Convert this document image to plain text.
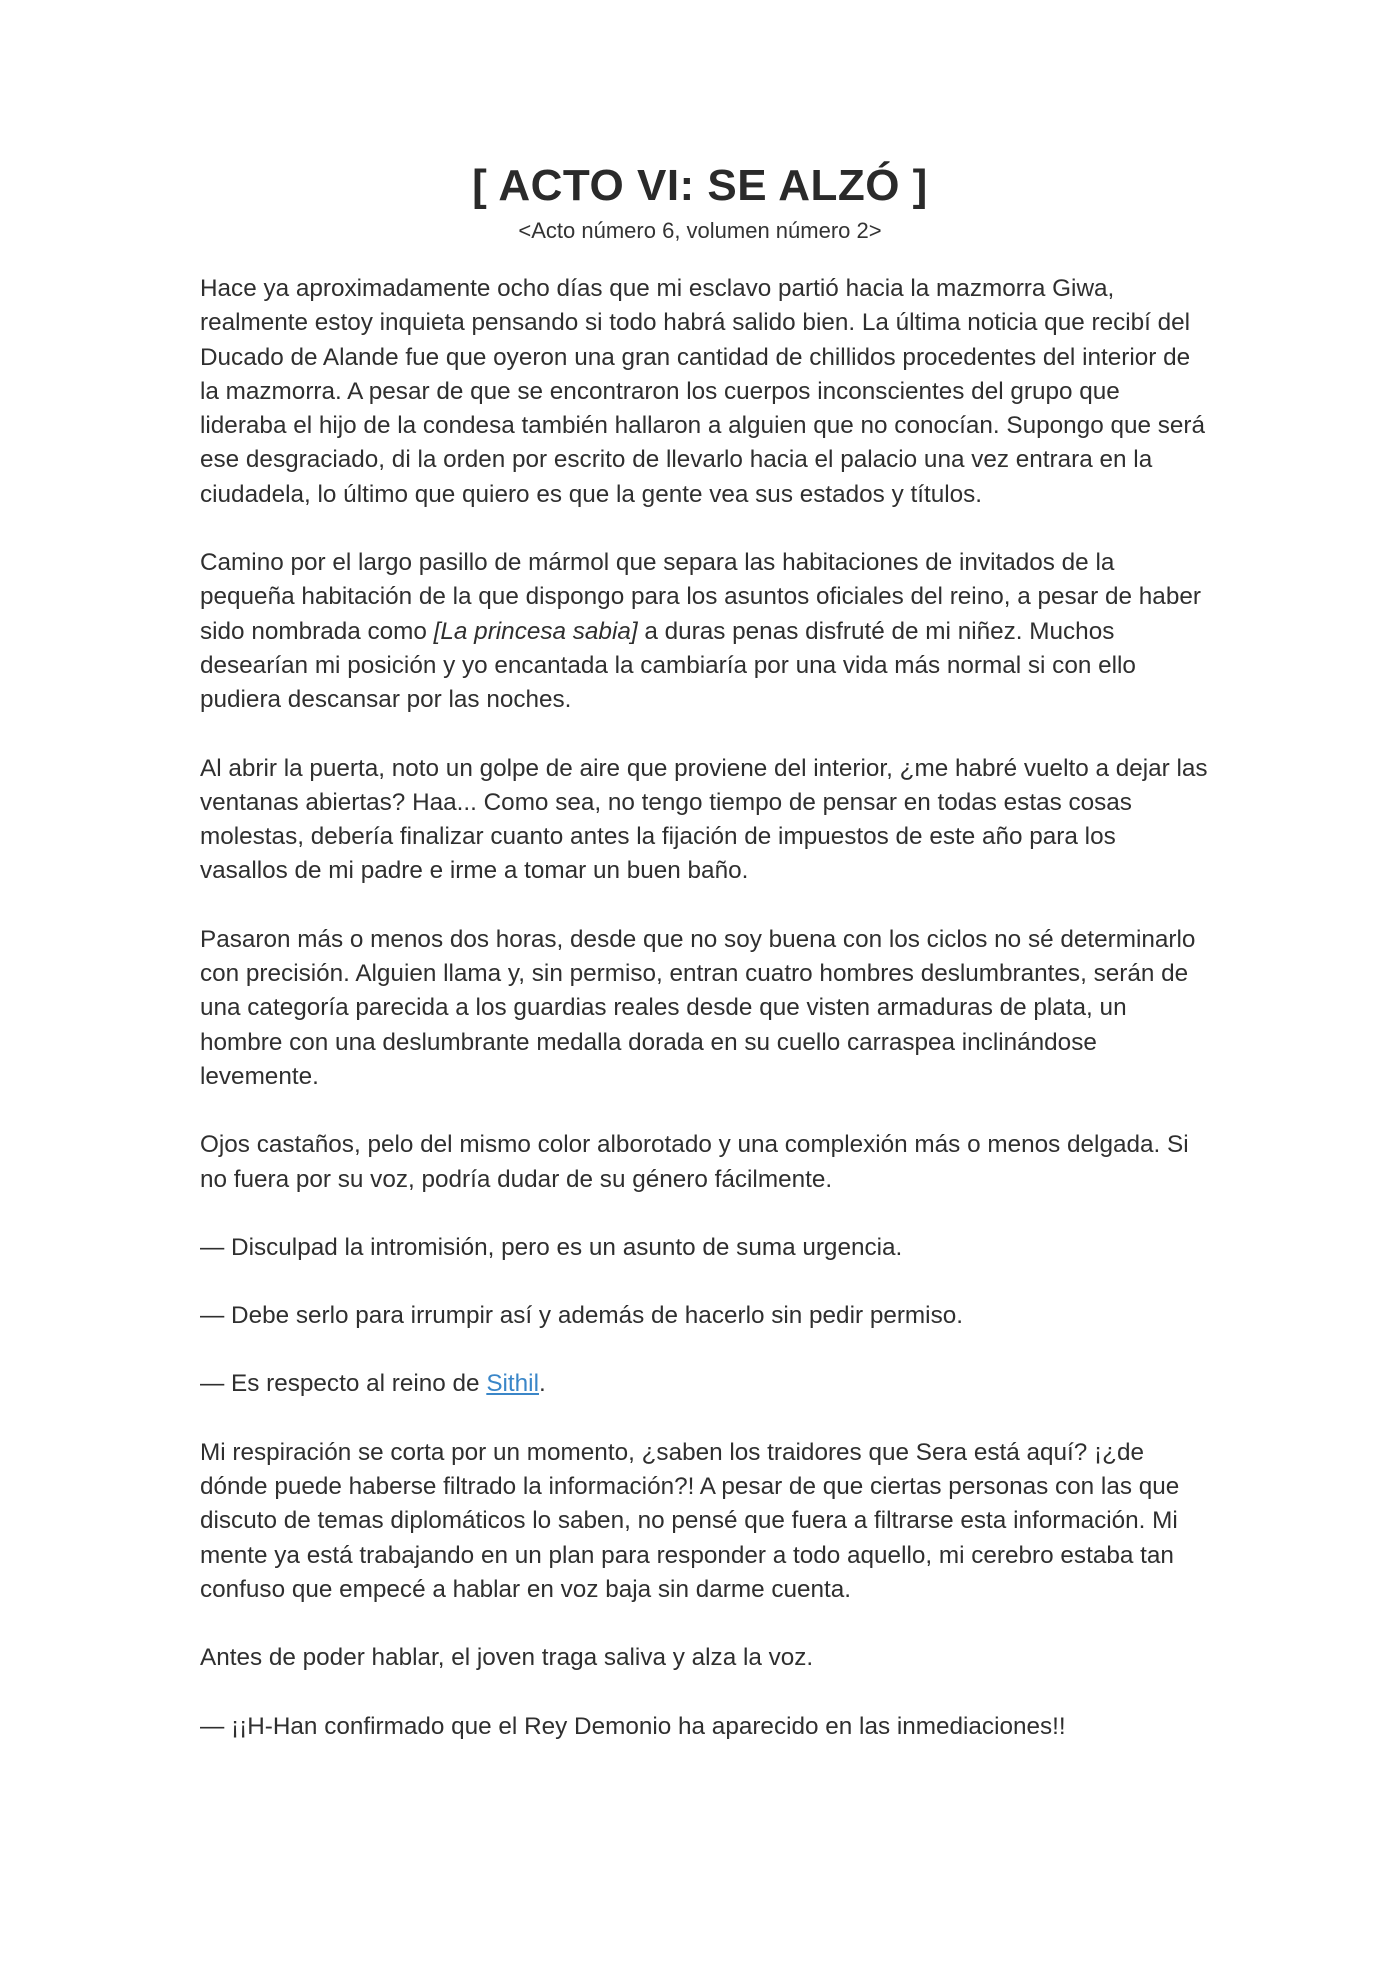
[ ACTO VI: SE ALZÓ ]
<Acto número 6, volumen número 2>

Hace ya aproximadamente ocho días que mi esclavo partió hacia la mazmorra Giwa, realmente estoy inquieta pensando si todo habrá salido bien. La última noticia que recibí del Ducado de Alande fue que oyeron una gran cantidad de chillidos procedentes del interior de la mazmorra. A pesar de que se encontraron los cuerpos inconscientes del grupo que lideraba el hijo de la condesa también hallaron a alguien que no conocían. Supongo que será ese desgraciado, di la orden por escrito de llevarlo hacia el palacio una vez entrara en la ciudadela, lo último que quiero es que la gente vea sus estados y títulos.

Camino por el largo pasillo de mármol que separa las habitaciones de invitados de la pequeña habitación de la que dispongo para los asuntos oficiales del reino, a pesar de haber sido nombrada como [La princesa sabia] a duras penas disfruté de mi niñez. Muchos desearían mi posición y yo encantada la cambiaría por una vida más normal si con ello pudiera descansar por las noches.

Al abrir la puerta, noto un golpe de aire que proviene del interior, ¿me habré vuelto a dejar las ventanas abiertas? Haa... Como sea, no tengo tiempo de pensar en todas estas cosas molestas, debería finalizar cuanto antes la fijación de impuestos de este año para los vasallos de mi padre e irme a tomar un buen baño.

Pasaron más o menos dos horas, desde que no soy buena con los ciclos no sé determinarlo con precisión. Alguien llama y, sin permiso, entran cuatro hombres deslumbrantes, serán de una categoría parecida a los guardias reales desde que visten armaduras de plata, un hombre con una deslumbrante medalla dorada en su cuello carraspea inclinándose levemente.

Ojos castaños, pelo del mismo color alborotado y una complexión más o menos delgada. Si no fuera por su voz, podría dudar de su género fácilmente.

— Disculpad la intromisión, pero es un asunto de suma urgencia.

— Debe serlo para irrumpir así y además de hacerlo sin pedir permiso.

— Es respecto al reino de Sithil.

Mi respiración se corta por un momento, ¿saben los traidores que Sera está aquí? ¡¿de dónde puede haberse filtrado la información?! A pesar de que ciertas personas con las que discuto de temas diplomáticos lo saben, no pensé que fuera a filtrarse esta información. Mi mente ya está trabajando en un plan para responder a todo aquello, mi cerebro estaba tan confuso que empecé a hablar en voz baja sin darme cuenta.

Antes de poder hablar, el joven traga saliva y alza la voz.

— ¡¡H-Han confirmado que el Rey Demonio ha aparecido en las inmediaciones!!
